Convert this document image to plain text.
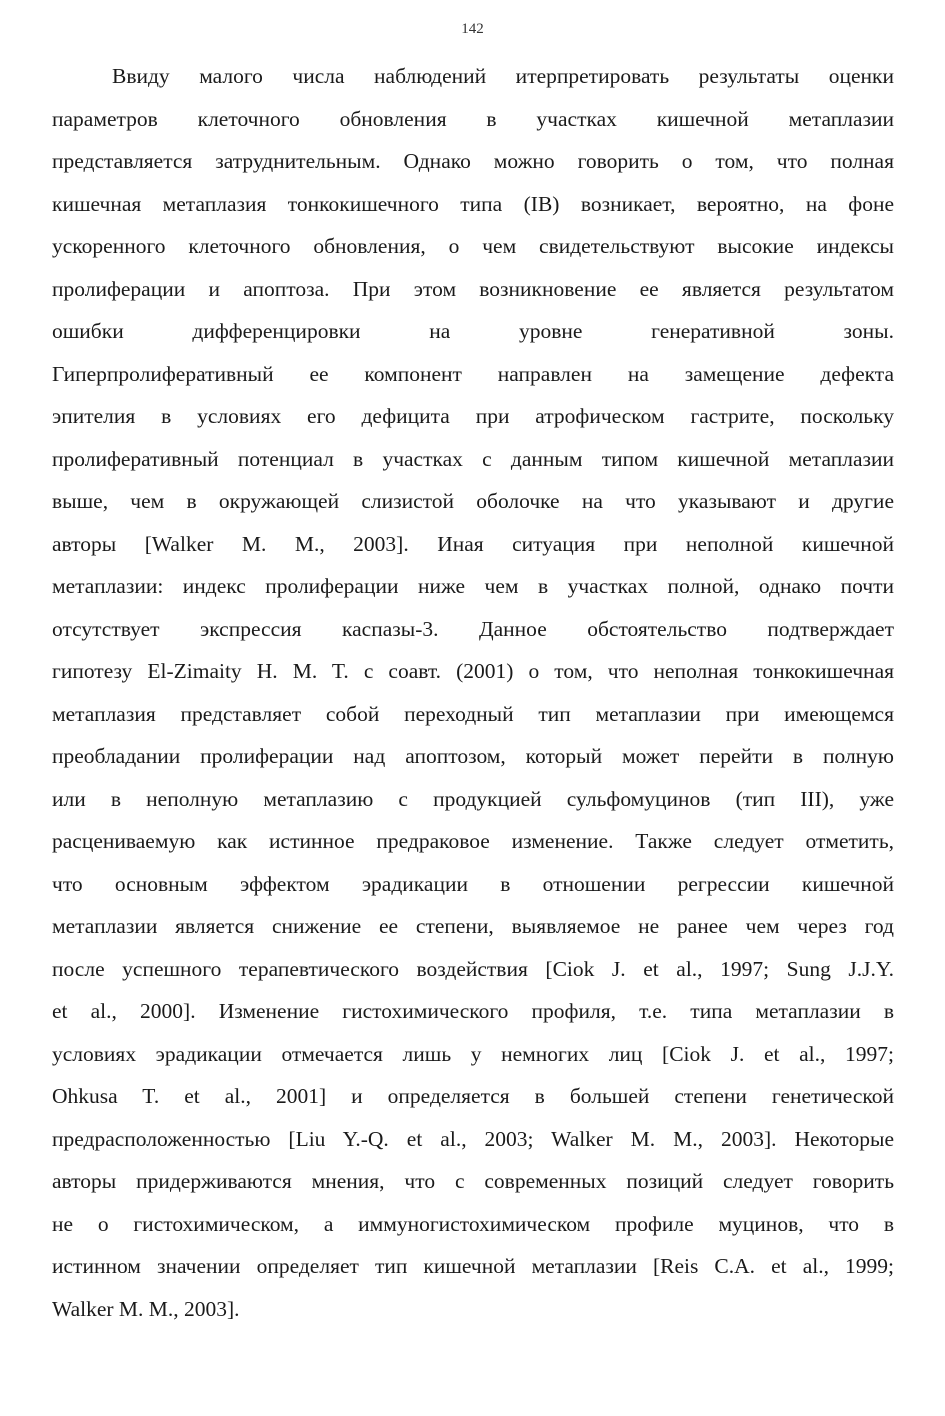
142
Ввиду малого числа наблюдений итерпретировать результаты оценки
параметров клеточного обновления в участках кишечной метаплазии
представляется затруднительным. Однако можно говорить о том, что полная
кишечная метаплазия тонкокишечного типа (IB) возникает, вероятно, на фоне
ускоренного клеточного обновления, о чем свидетельствуют высокие индексы
пролиферации и апоптоза. При этом возникновение ее является результатом
ошибки дифференцировки на уровне генеративной зоны.
Гиперпролиферативный ее компонент направлен на замещение дефекта
эпителия в условиях его дефицита при атрофическом гастрите, поскольку
пролиферативный потенциал в участках с данным типом кишечной метаплазии
выше, чем в окружающей слизистой оболочке на что указывают и другие
авторы [Walker M. M., 2003]. Иная ситуация при неполной кишечной
метаплазии: индекс пролиферации ниже чем в участках полной, однако почти
отсутствует экспрессия каспазы-3. Данное обстоятельство подтверждает
гипотезу El-Zimaity H. M. T. с соавт. (2001) о том, что неполная тонкокишечная
метаплазия представляет собой переходный тип метаплазии при имеющемся
преобладании пролиферации над апоптозом, который может перейти в полную
или в неполную метаплазию с продукцией сульфомуцинов (тип III), уже
расцениваемую как истинное предраковое изменение. Также следует отметить,
что основным эффектом эрадикации в отношении регрессии кишечной
метаплазии является снижение ее степени, выявляемое не ранее чем через год
после успешного терапевтического воздействия [Ciok J. et al., 1997; Sung J.J.Y.
et al., 2000]. Изменение гистохимического профиля, т.е. типа метаплазии в
условиях эрадикации отмечается лишь у немногих лиц [Ciok J. et al., 1997;
Ohkusa T. et al., 2001] и определяется в большей степени генетической
предрасположенностью [Liu Y.-Q. et al., 2003; Walker M. M., 2003]. Некоторые
авторы придерживаются мнения, что с современных позиций следует говорить
не о гистохимическом, а иммуногистохимическом профиле муцинов, что в
истинном значении определяет тип кишечной метаплазии [Reis C.A. et al., 1999;
Walker M. M., 2003].
